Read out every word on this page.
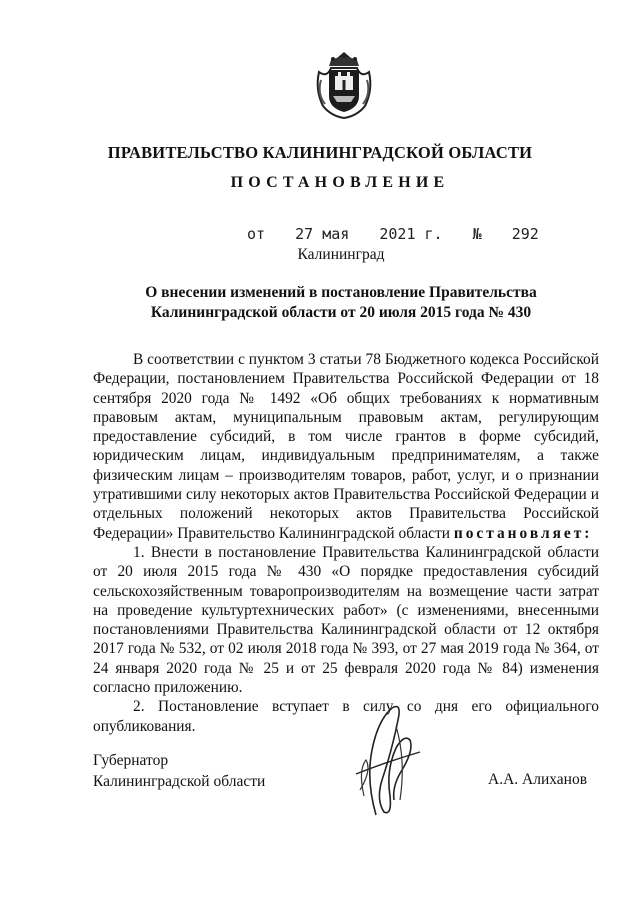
ПРАВИТЕЛЬСТВО КАЛИНИНГРАДСКОЙ ОБЛАСТИ
ПОСТАНОВЛЕНИЕ
от 27 мая 2021 г. № 292
Калининград
О внесении изменений в постановление Правительства
Калининградской области от 20 июля 2015 года № 430

В соответствии с пунктом 3 статьи 78 Бюджетного кодекса Российской Федерации, постановлением Правительства Российской Федерации от 18 сентября 2020 года № 1492 «Об общих требованиях к нормативным правовым актам, муниципальным правовым актам, регулирующим предоставление субсидий, в том числе грантов в форме субсидий, юридическим лицам, индивидуальным предпринимателям, а также физическим лицам – производителям товаров, работ, услуг, и о признании утратившими силу некоторых актов Правительства Российской Федерации и отдельных положений некоторых актов Правительства Российской Федерации» Правительство Калининградской области постановляет:

1. Внести в постановление Правительства Калининградской области от 20 июля 2015 года № 430 «О порядке предоставления субсидий сельскохозяйственным товаропроизводителям на возмещение части затрат на проведение культуртехнических работ» (с изменениями, внесенными постановлениями Правительства Калининградской области от 12 октября 2017 года № 532, от 02 июля 2018 года № 393, от 27 мая 2019 года № 364, от 24 января 2020 года № 25 и от 25 февраля 2020 года № 84) изменения согласно приложению.

2. Постановление вступает в силу со дня его официального опубликования.

Губернатор
Калининградской области	А.А. Алиханов
